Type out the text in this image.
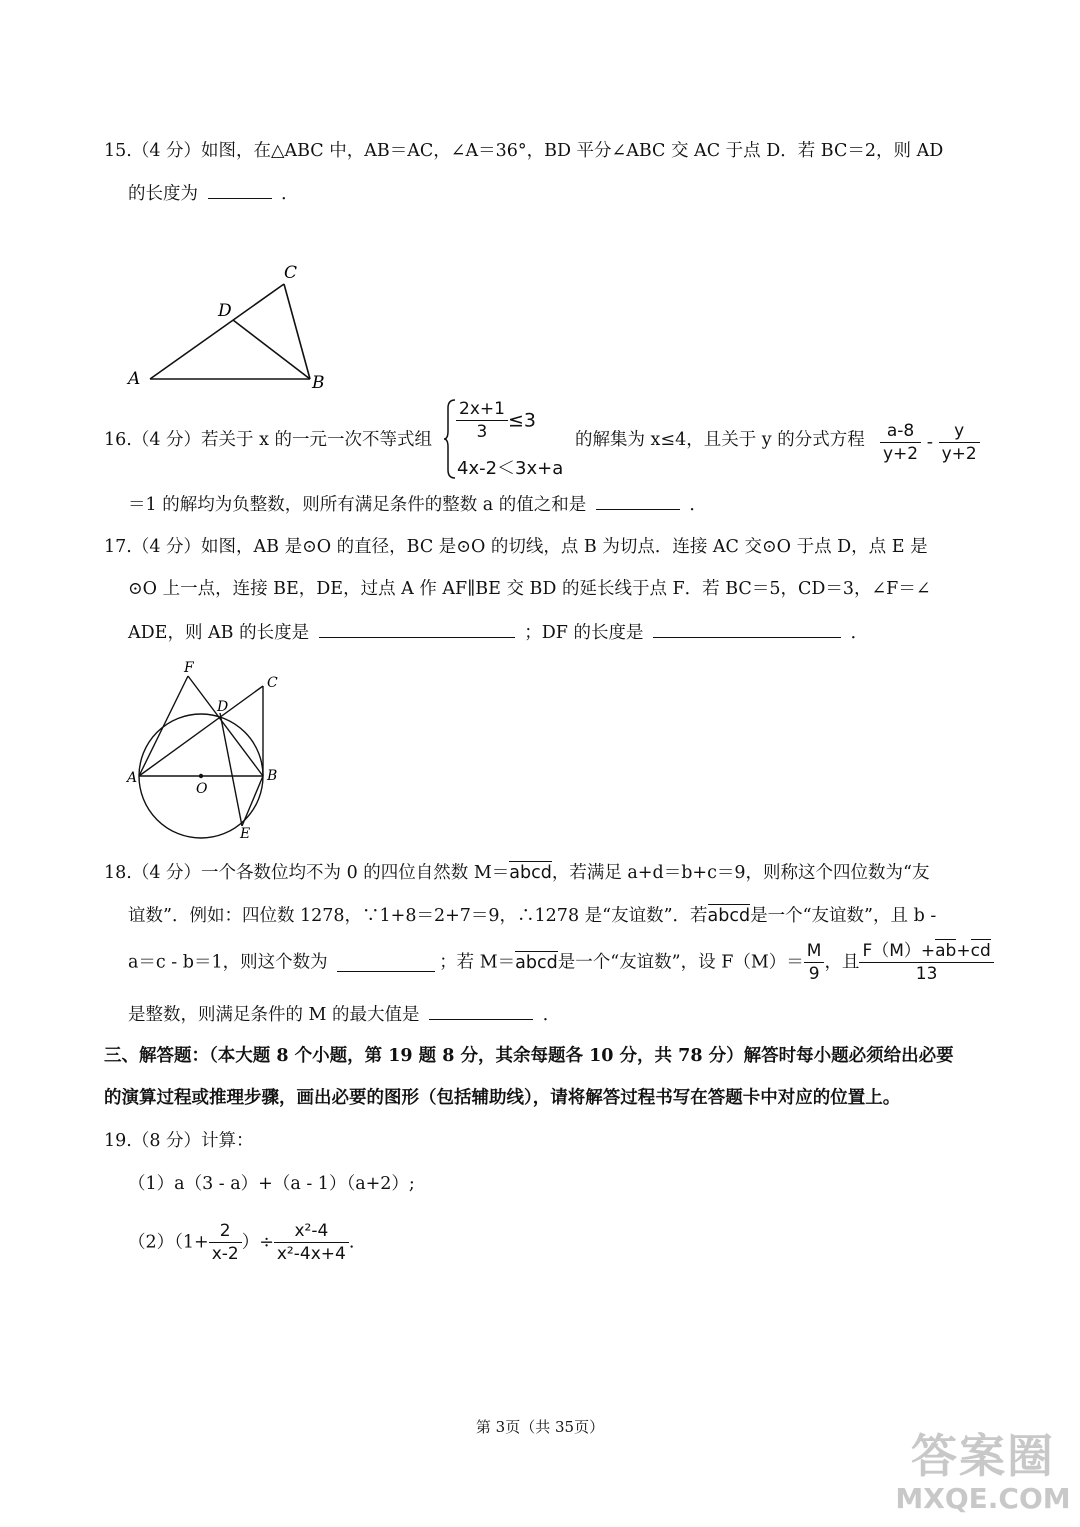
15.（4 分）如图，在△ABC 中，AB＝AC，∠A＝36°，BD 平分∠ABC 交 AC 于点 D．若 BC＝2，则 AD
的长度为	．
C
D
A	B
16.（4 分）若关于 x 的一元一次不等式组 $\frac{2x+1}{3} \le 3$
4x-2＜3x+a
的解集为 x≤4，且关于 y 的分式方程 $\frac{a-8}{y+2} - \frac{y}{y+2}$
＝1 的解均为负整数，则所有满足条件的整数 a 的值之和是	．
17.（4 分）如图，AB 是⊙O 的直径，BC 是⊙O 的切线，点 B 为切点．连接 AC 交⊙O 于点 D，点 E 是
⊙O 上一点，连接 BE，DE，过点 A 作 AF∥BE 交 BD 的延长线于点 F．若 BC＝5，CD＝3，∠F＝∠
ADE，则 AB 的长度是	；DF 的长度是	．
F
C
D
A
O
B
E
18.（4 分）一个各数位均不为 0 的四位自然数 M＝abcd，若满足 a+d＝b+c＝9，则称这个四位数为“友
谊数”．例如：四位数 1278，∵1+8＝2+7＝9，∴1278 是“友谊数”．若abcd是一个“友谊数”，且 b -
a＝c - b＝1，则这个数为	；若 M＝abcd是一个“友谊数”，设 $F(M)= \frac{M}{9}$ ，且 $\frac{F(M)+ab+cd}{13}$
是整数，则满足条件的 M 的最大值是	．
三、解答题：（本大题 8 个小题，第 19 题 8 分，其余每题各 10 分，共 78 分）解答时每小题必须给出必要
的演算过程或推理步骤，画出必要的图形（包括辅助线），请将解答过程书写在答题卡中对应的位置上。
19.（8 分）计算：
（1）a（3 - a）+（a - 1）（a+2）;
$(2)(1+ \frac{2}{x-2}$ ）÷ $\frac{\text{x²-4}}{\text{x²-4x+4}}$ .
第 3页（共 35页）
答案圈
MXQE.COM
